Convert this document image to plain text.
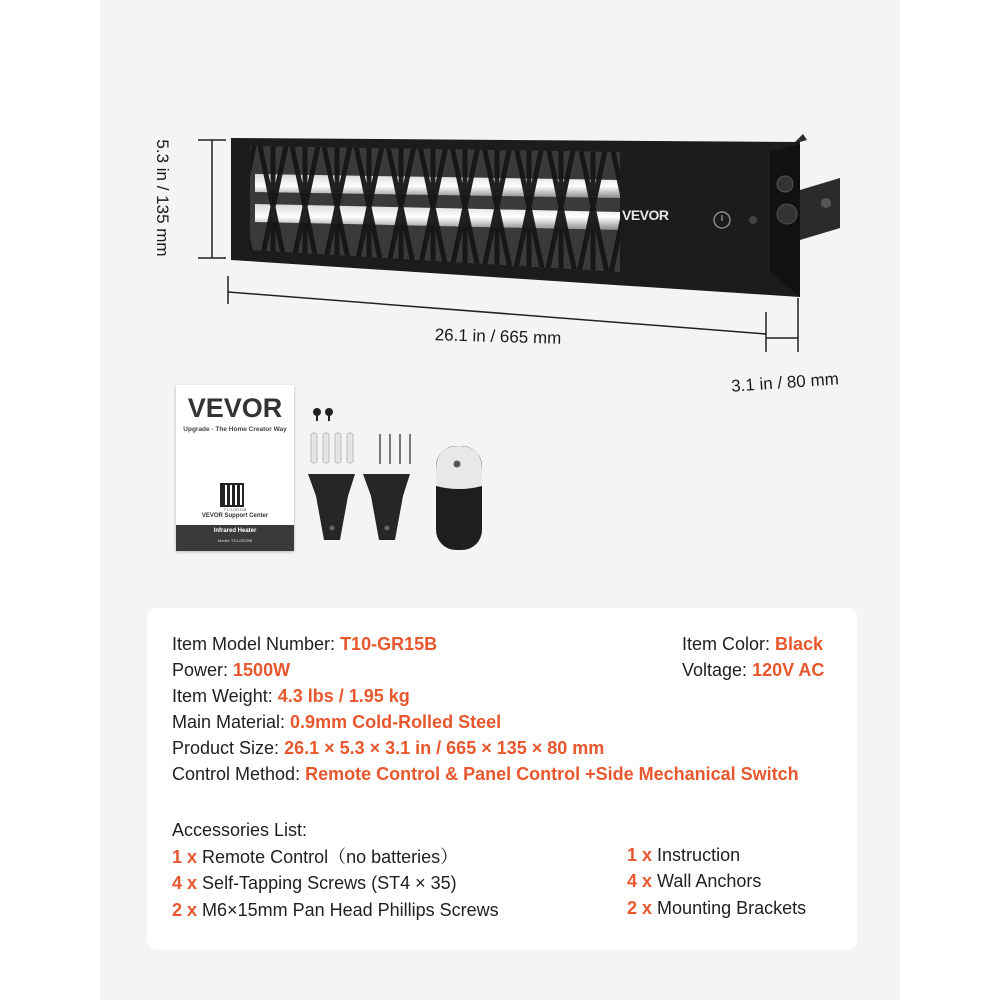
5.3 in / 135 mm
26.1 in / 665 mm
3.1 in / 80 mm
VEVOR
VEVOR
Upgrade · The Home Creator Way
TT-0-GR15B
VEVOR Support Center
Infrared Heater
Model: T10-GR15B
Item Model Number: T10-GR15B	Item Color: Black
Power: 1500W	Voltage: 120V AC
Item Weight: 4.3 lbs / 1.95 kg
Main Material: 0.9mm Cold-Rolled Steel
Product Size: 26.1 × 5.3 × 3.1 in / 665 × 135 × 80 mm
Control Method: Remote Control & Panel Control +Side Mechanical Switch
Accessories List:
1 x Remote Control（no batteries）
4 x Self-Tapping Screws (ST4 × 35)
2 x M6×15mm Pan Head Phillips Screws
1 x Instruction
4 x Wall Anchors
2 x Mounting Brackets
